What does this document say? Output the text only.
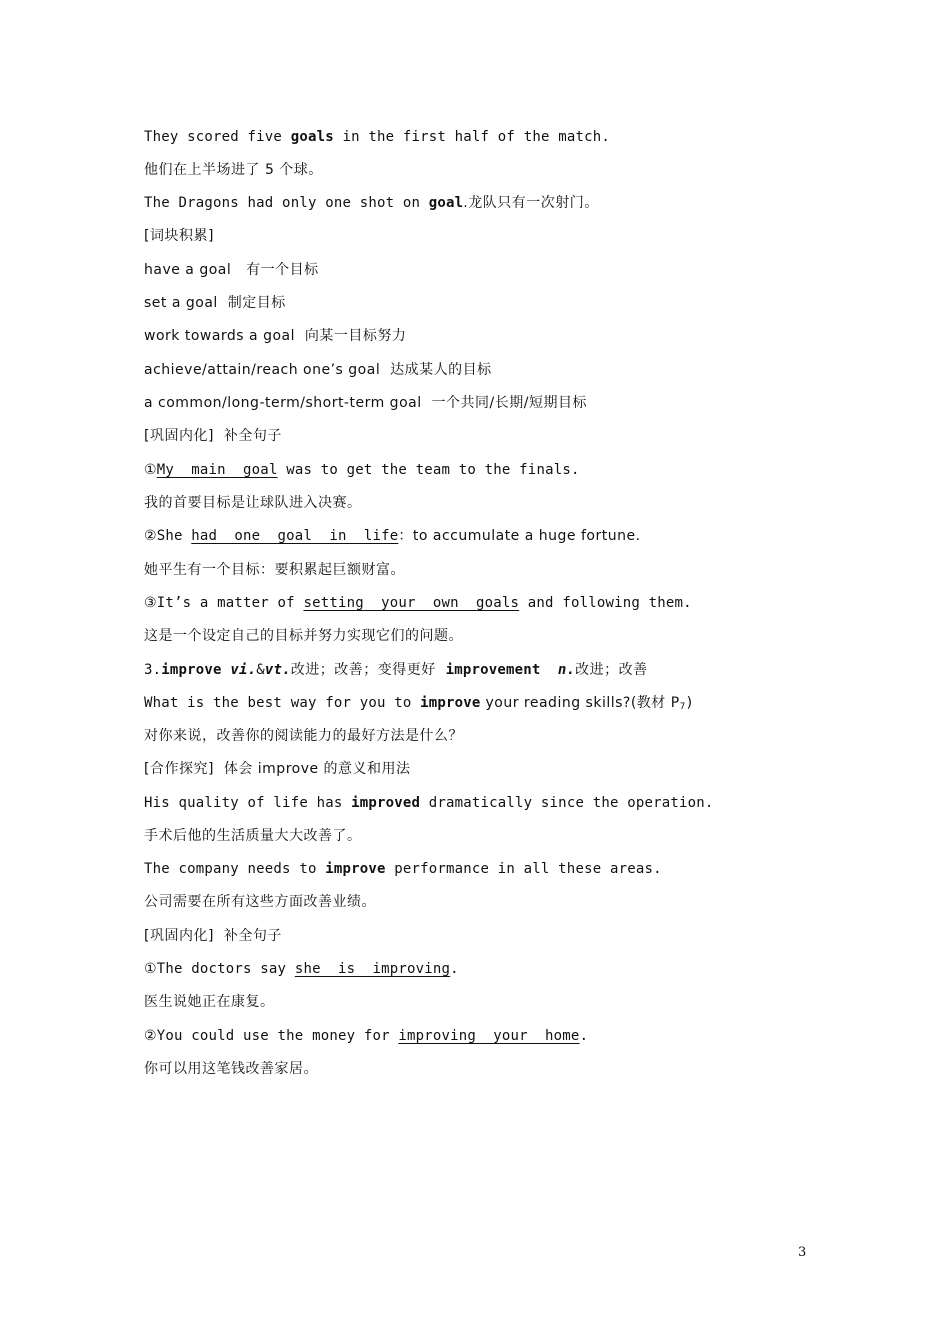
They scored five goals in the first half of the match.
他们在上半场进了 5 个球。
The Dragons had only one shot on goal.龙队只有一次射门。
[词块积累]
have a goal   有一个目标
set a goal  制定目标
work towards a goal  向某一目标努力
achieve/attain/reach one’s goal  达成某人的目标
a common/long-term/short-term goal  一个共同/长期/短期目标
[巩固内化]  补全句子
①My  main  goal was to get the team to the finals.
我的首要目标是让球队进入决赛。
②She had  one  goal  in  life：to accumulate a huge fortune.
她平生有一个目标：要积累起巨额财富。
③It’s a matter of setting  your  own  goals and following them.
这是一个设定自己的目标并努力实现它们的问题。
3.improve vi.&vt.改进；改善；变得更好  improvement n.改进；改善
What is the best way for you to improve your reading skills?(教材 $P_7$)
对你来说，改善你的阅读能力的最好方法是什么？
[合作探究]  体会 improve 的意义和用法
His quality of life has improved dramatically since the operation.
手术后他的生活质量大大改善了。
The company needs to improve performance in all these areas.
公司需要在所有这些方面改善业绩。
[巩固内化]  补全句子
①The doctors say she  is  improving.
医生说她正在康复。
②You could use the money for improving  your  home.
你可以用这笔钱改善家居。
3
